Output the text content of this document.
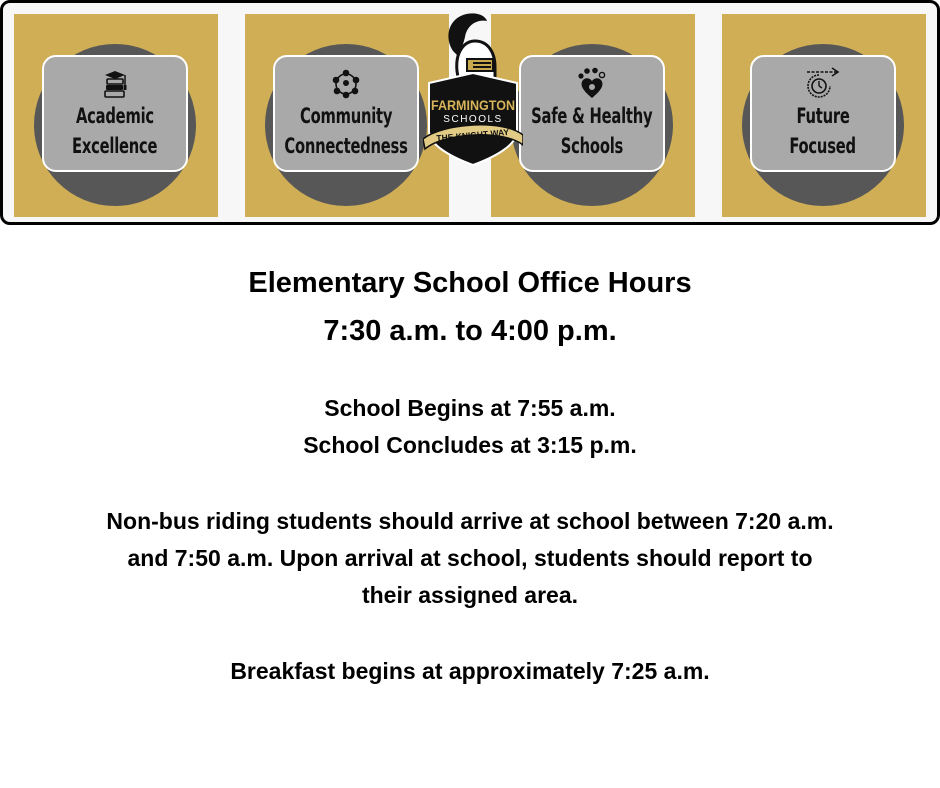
Academic
Excellence
Community
Connectedness
Safe & Healthy
Schools
Future
Focused
FARMINGTON
SCHOOLS
THE KNIGHT WAY
Elementary School Office Hours
7:30 a.m. to 4:00 p.m.
School Begins at 7:55 a.m.
School Concludes at 3:15 p.m.
Non-bus riding students should arrive at school between 7:20 a.m.
and 7:50 a.m. Upon arrival at school, students should report to
their assigned area.
Breakfast begins at approximately 7:25 a.m.
